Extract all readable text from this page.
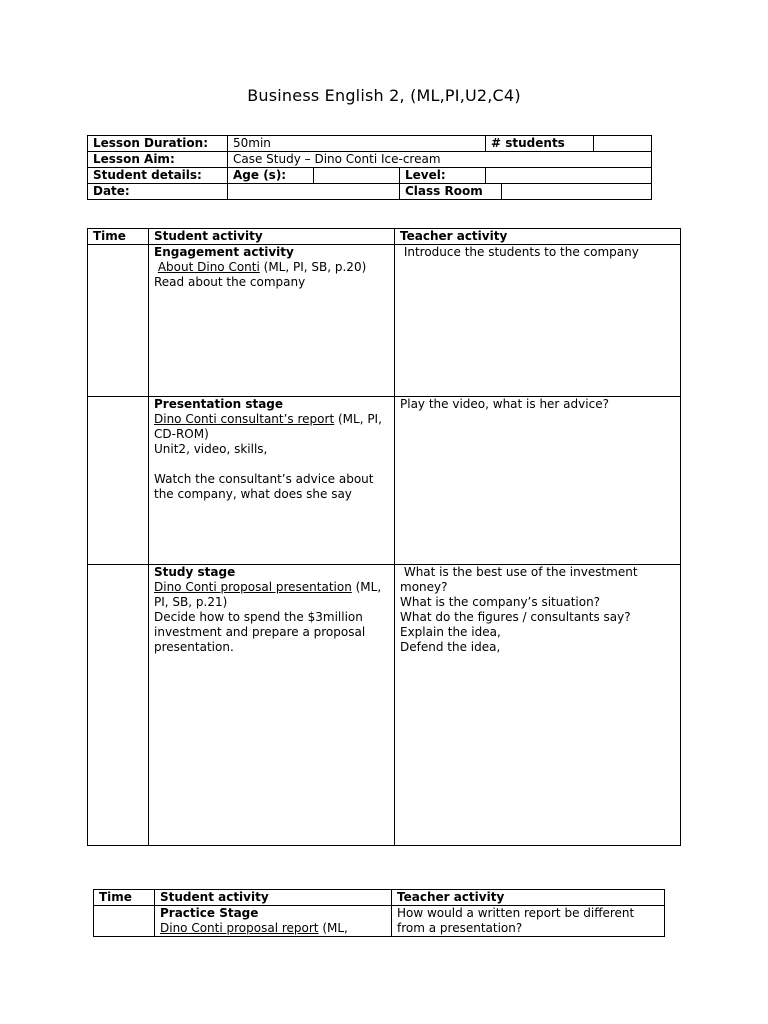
Business English 2, (ML,PI,U2,C4)
Lesson Duration:	50min			# students		
Lesson Aim:	Case Study – Dino Conti Ice-cream					
Student details:	Age (s):		Level:			
Date:			Class Room			
Time	Student activity	Teacher activity

	Engagement activity
About Dino Conti (ML, PI, SB, p.20)
Read about the company	Introduce the students to the company

	Presentation stage
Dino Conti consultant’s report (ML, PI, CD-ROM)
Unit2, video, skills,
Watch the consultant’s advice about the company, what does she say	Play the video, what is her advice?

	Study stage
Dino Conti proposal presentation (ML, PI, SB, p.21)
Decide how to spend the $3million investment and prepare a proposal presentation.	What is the best use of the investment money?
What is the company’s situation?
What do the figures / consultants say?
Explain the idea,
Defend the idea,
Time	Student activity	Teacher activity

	Practice Stage
Dino Conti proposal report (ML,	How would a written report be different from a presentation?
